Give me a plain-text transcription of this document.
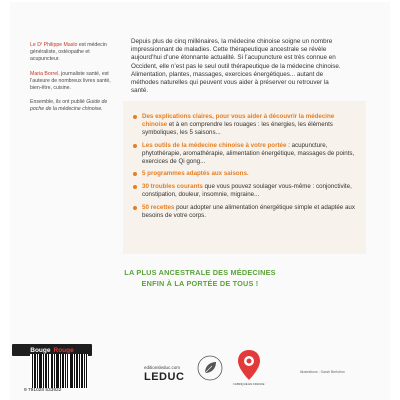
Le Dʳ Philippe Maslo est médecin généraliste, ostéopathe et acupuncteur.

Maria Borrel, journaliste santé, est l’auteure de nombreux livres santé, bien-être, cuisine.

Ensemble, ils ont publié Guide de poche de la médecine chinoise.

Depuis plus de cinq millénaires, la médecine chinoise soigne un nombre impressionnant de maladies. Cette thérapeutique ancestrale se révèle aujourd’hui d’une étonnante actualité. Si l’acupuncture est très connue en Occident, elle n’est pas le seul outil thérapeutique de la médecine chinoise. Alimentation, plantes, massages, exercices énergétiques... autant de méthodes naturelles qui peuvent vous aider à préserver ou retrouver la santé.

Des explications claires, pour vous aider à découvrir la médecine chinoise et à en comprendre les rouages : les énergies, les éléments symboliques, les 5 saisons...
Les outils de la médecine chinoise à votre portée : acupuncture, phytothérapie, aromathérapie, alimentation énergétique, massages de points, exercices de Qi gong...
5 programmes adaptés aux saisons.
30 troubles courants que vous pouvez soulager vous-même : conjonctivite, constipation, douleur, insomnie, migraine...
50 recettes pour adopter une alimentation énergétique simple et adaptée aux besoins de votre corps.
LA PLUS ANCESTRALE DES MÉDECINES
ENFIN À LA PORTÉE DE TOUS !
Bouge Rouge
9 791028 533922
editionsleduc.com
LEDUC
FABRIQUÉ EN FRANCE
Illustrations : Sarah Bertolino
